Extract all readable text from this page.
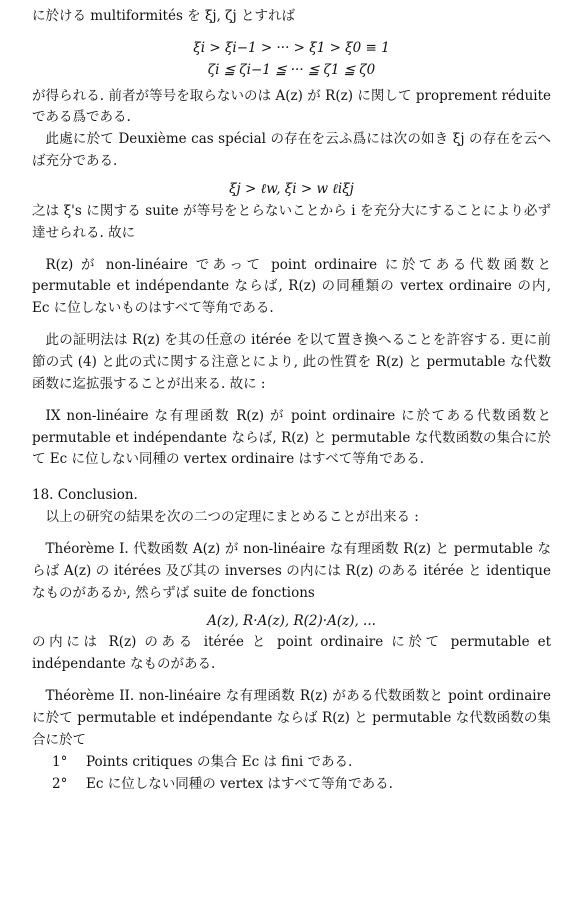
に於ける multiformités を ξj, ζj とすれば

ξi > ξi−1 > ··· > ξ1 > ξ0 ≡ 1

ζi ≦ ζi−1 ≦ ··· ≦ ζ1 ≦ ζ0

が得られる. 前者が等号を取らないのは A(z) が R(z) に関して proprement réduite である爲である.

此處に於て Deuxième cas spécial の存在を云ふ爲には次の如き ξj の存在を云へば充分である.

ξj > ℓw, ξi > w ℓiξj

之は ξ's に関する suite が等号をとらないことから i を充分大にすることにより必ず達せられる. 故に

R(z) が non-linéaire であって point ordinaire に於てある代数函数と permutable et indépendante ならば, R(z) の同種類の vertex ordinaire の内, Ec に位しないものはすべて等角である.

此の証明法は R(z) を其の任意の itérée を以て置き換へることを許容する. 更に前節の式 (4) と此の式に関する注意とにより, 此の性質を R(z) と permutable な代数函数に迄拡張することが出来る. 故に :

IX non-linéaire な有理函数 R(z) が point ordinaire に於てある代数函数と permutable et indépendante ならば, R(z) と permutable な代数函数の集合に於て Ec に位しない同種の vertex ordinaire はすべて等角である.

18. Conclusion.

以上の研究の結果を次の二つの定理にまとめることが出来る :

Théorème I. 代数函数 A(z) が non-linéaire な有理函数 R(z) と permutable ならば A(z) の itérées 及び其の inverses の内には R(z) のある itérée と identique なものがあるか, 然らずば suite de fonctions

A(z), R·A(z), R(2)·A(z), ...

の内には R(z) のある itérée と point ordinaire に於て permutable et indépendante なものがある.

Théorème II. non-linéaire な有理函数 R(z) がある代数函数と point ordinaire に於て permutable et indépendante ならば R(z) と permutable な代数函数の集合に於て

1° Points critiques の集合 Ec は fini である.

2° Ec に位しない同種の vertex はすべて等角である.
